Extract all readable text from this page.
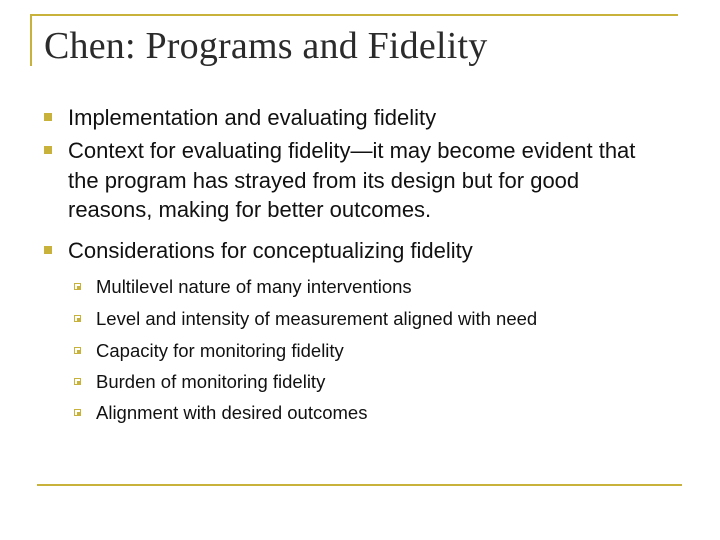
Chen: Programs and Fidelity
Implementation and evaluating fidelity
Context for evaluating fidelity—it may become evident that the program has strayed from its design but for good reasons, making for better outcomes.
Considerations for conceptualizing fidelity
Multilevel nature of many interventions
Level and intensity of measurement aligned with need
Capacity for monitoring fidelity
Burden of monitoring fidelity
Alignment with desired outcomes
